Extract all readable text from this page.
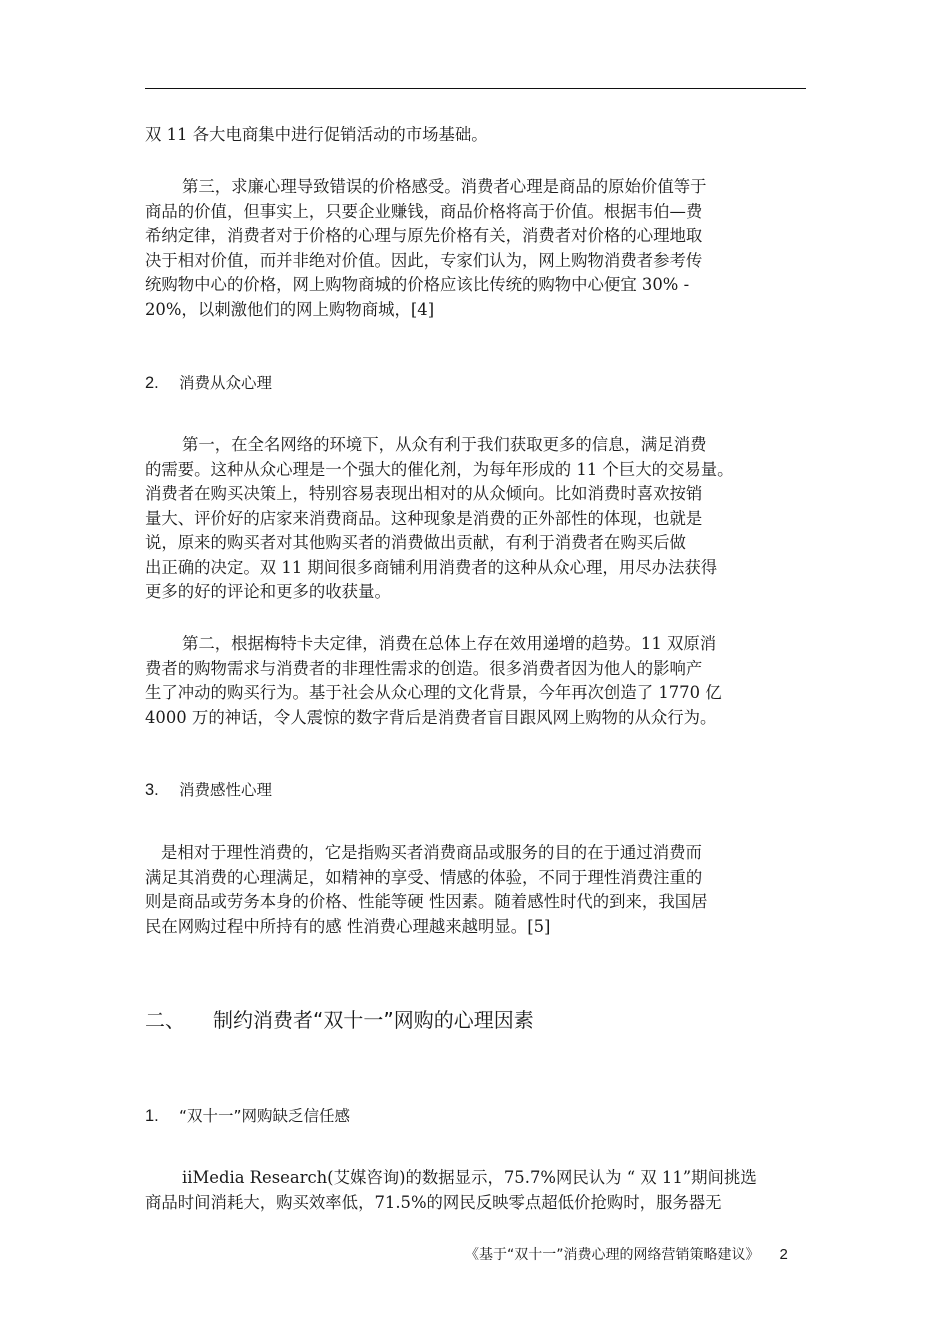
双 11 各大电商集中进行促销活动的市场基础。
第三，求廉心理导致错误的价格感受。消费者心理是商品的原始价值等于
商品的价值，但事实上，只要企业赚钱，商品价格将高于价值。根据韦伯—费
希纳定律，消费者对于价格的心理与原先价格有关，消费者对价格的心理地取
决于相对价值，而并非绝对价值。因此，专家们认为，网上购物消费者参考传
统购物中心的价格，网上购物商城的价格应该比传统的购物中心便宜 30% -
20%，以刺激他们的网上购物商城，[4]
2. 消费从众心理
第一，在全名网络的环境下，从众有利于我们获取更多的信息，满足消费
的需要。这种从众心理是一个强大的催化剂，为每年形成的 11 个巨大的交易量。
消费者在购买决策上，特别容易表现出相对的从众倾向。比如消费时喜欢按销
量大、评价好的店家来消费商品。这种现象是消费的正外部性的体现，也就是
说，原来的购买者对其他购买者的消费做出贡献，有利于消费者在购买后做
出正确的决定。双 11 期间很多商铺利用消费者的这种从众心理，用尽办法获得
更多的好的评论和更多的收获量。
第二，根据梅特卡夫定律，消费在总体上存在效用递增的趋势。11 双原消
费者的购物需求与消费者的非理性需求的创造。很多消费者因为他人的影响产
生了冲动的购买行为。基于社会从众心理的文化背景，今年再次创造了 1770 亿
4000 万的神话，令人震惊的数字背后是消费者盲目跟风网上购物的从众行为。
3. 消费感性心理
是相对于理性消费的，它是指购买者消费商品或服务的目的在于通过消费而
满足其消费的心理满足，如精神的享受、情感的体验，不同于理性消费注重的
则是商品或劳务本身的价格、性能等硬 性因素。随着感性时代的到来，我国居
民在网购过程中所持有的感 性消费心理越来越明显。[5]
二、 制约消费者“双十一”网购的心理因素
1. “双十一”网购缺乏信任感
iiMedia Research(艾媒咨询)的数据显示，75.7%网民认为 “ 双 11”期间挑选
商品时间消耗大，购买效率低，71.5%的网民反映零点超低价抢购时，服务器无
《基于“双十一”消费心理的网络营销策略建议》 2
